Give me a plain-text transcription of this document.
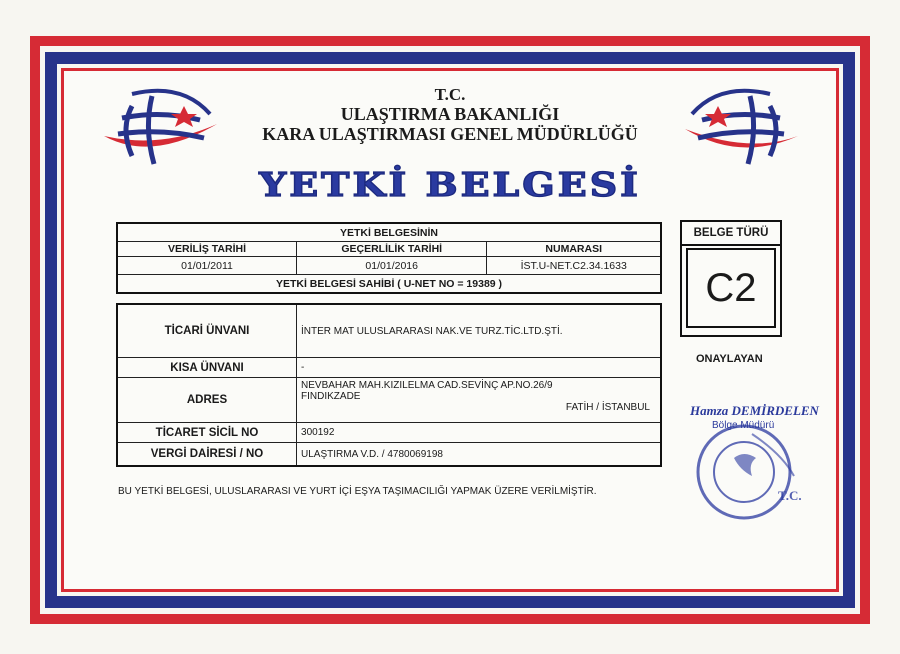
T.C.
ULAŞTIRMA BAKANLIĞI
KARA ULAŞTIRMASI GENEL MÜDÜRLÜĞÜ
YETKİ BELGESİ
YETKİ BELGESİNİN		
VERİLİŞ TARİHİ	GEÇERLİLİK TARİHİ	NUMARASI
01/01/2011	01/01/2016	İST.U-NET.C2.34.1633
YETKİ BELGESİ SAHİBİ ( U-NET NO = 19389 )		
TİCARİ ÜNVANI	İNTER MAT ULUSLARARASI NAK.VE TURZ.TİC.LTD.ŞTİ.
KISA ÜNVANI	-
ADRES	NEVBAHAR MAH.KIZILELMA CAD.SEVİNÇ AP.NO.26/9
FINDIKZADE
FATİH / İSTANBUL

TİCARET SİCİL NO	300192
VERGİ DAİRESİ / NO	ULAŞTIRMA V.D. / 4780069198
BELGE TÜRÜ
C2
ONAYLAYAN
T.C.
Hamza DEMİRDELEN
Bölge Müdürü
BU YETKİ BELGESİ, ULUSLARARASI VE YURT İÇİ EŞYA TAŞIMACILIĞI YAPMAK ÜZERE VERİLMİŞTİR.
